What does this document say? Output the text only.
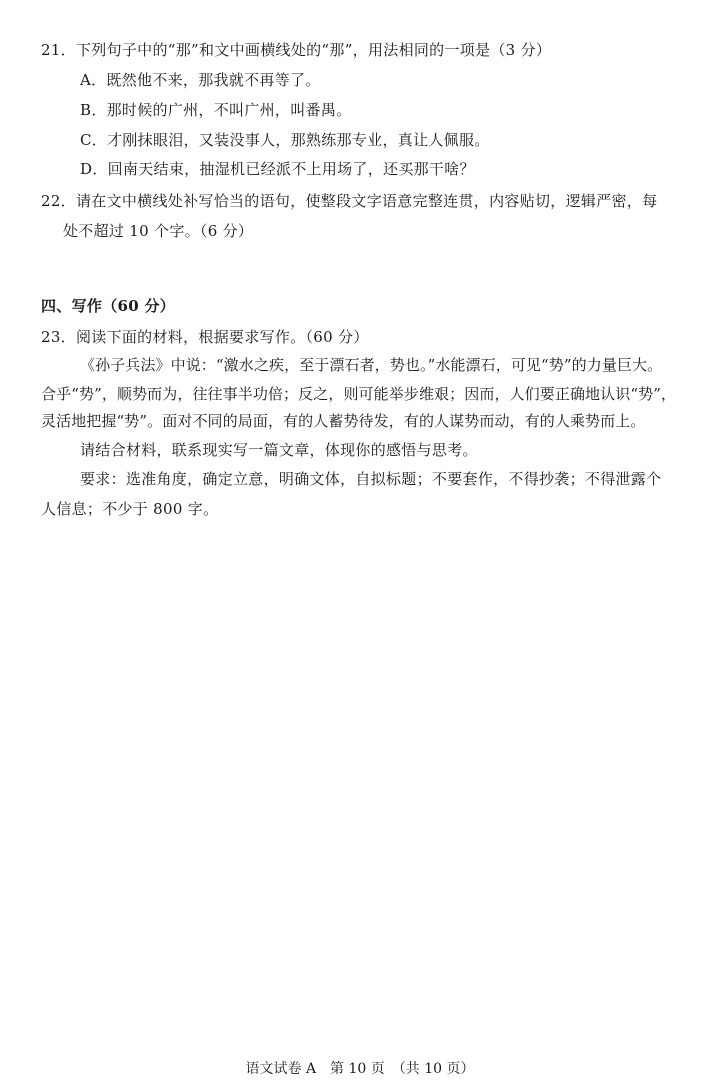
21．下列句子中的“那”和文中画横线处的“那”，用法相同的一项是（3 分）
A．既然他不来，那我就不再等了。
B．那时候的广州，不叫广州，叫番禺。
C．才刚抹眼泪，又装没事人，那熟练那专业，真让人佩服。
D．回南天结束，抽湿机已经派不上用场了，还买那干啥？
22．请在文中横线处补写恰当的语句，使整段文字语意完整连贯，内容贴切，逻辑严密，每
处不超过 10 个字。（6 分）
四、写作（60 分）
23．阅读下面的材料，根据要求写作。（60 分）
《孙子兵法》中说：“激水之疾，至于漂石者，势也。”水能漂石，可见“势”的力量巨大。
合乎“势”，顺势而为，往往事半功倍；反之，则可能举步维艰；因而，人们要正确地认识“势”，
灵活地把握“势”。面对不同的局面，有的人蓄势待发，有的人谋势而动，有的人乘势而上。
请结合材料，联系现实写一篇文章，体现你的感悟与思考。
要求：选准角度，确定立意，明确文体，自拟标题；不要套作，不得抄袭；不得泄露个
人信息；不少于 800 字。
语文试卷 A　第 10 页　（共 10 页）
